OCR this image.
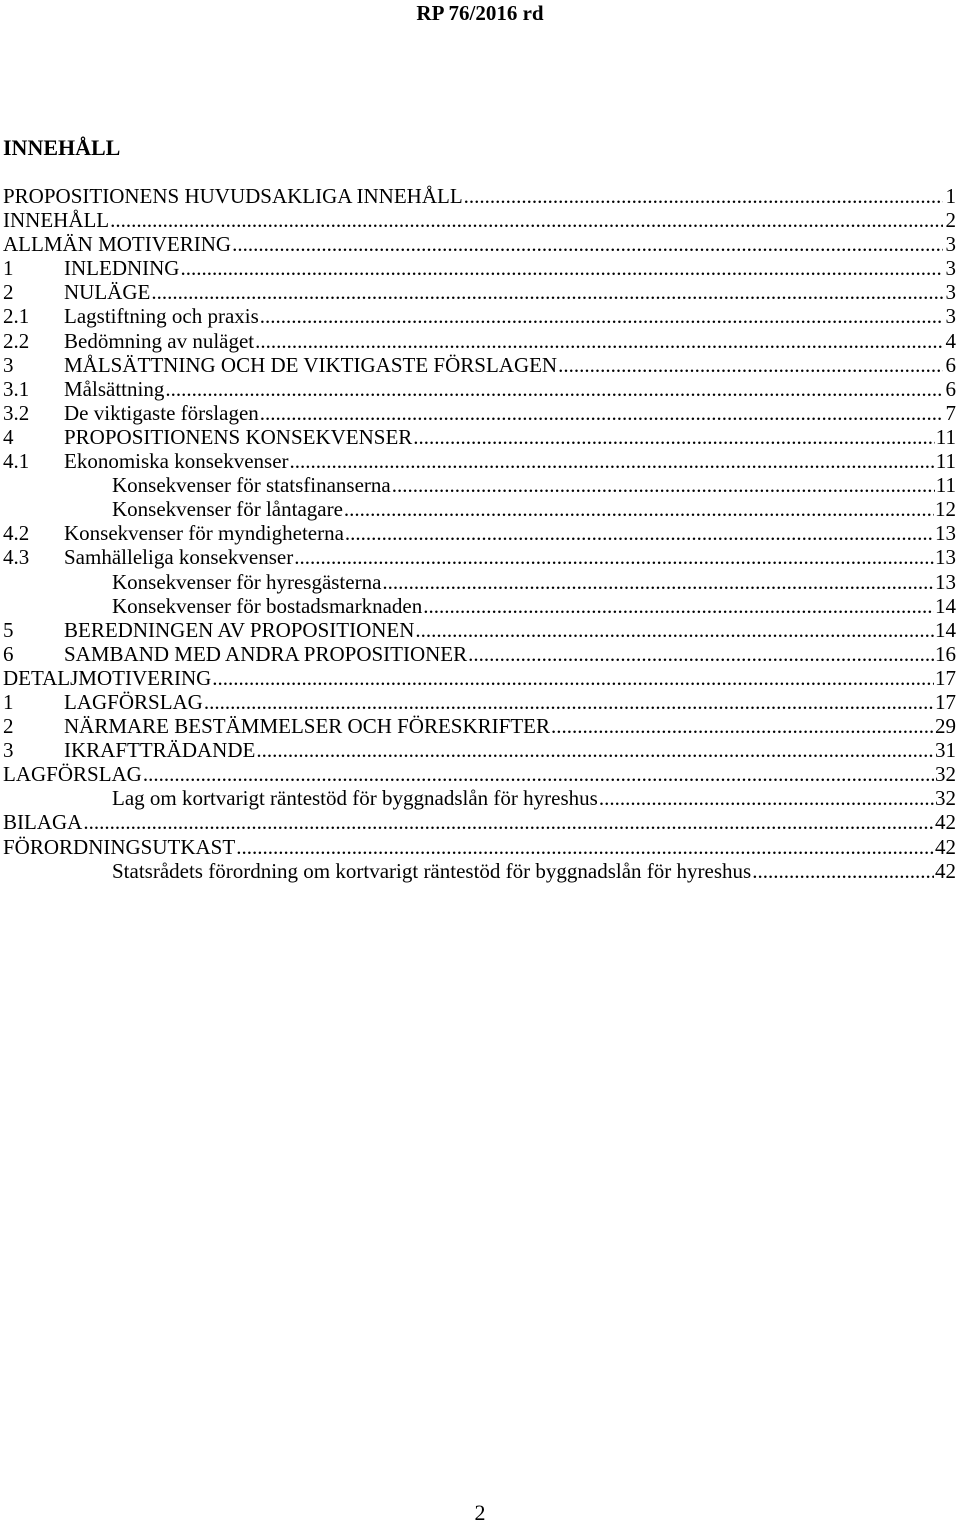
RP 76/2016 rd
INNEHÅLL
PROPOSITIONENS HUVUDSAKLIGA INNEHÅLL .....	1
INNEHÅLL .....	2
ALLMÄN MOTIVERING .....	3
1	INLEDNING .....	3
2	NULÄGE .....	3
2.1	Lagstiftning och praxis .....	3
2.2	Bedömning av nuläget .....	4
3	MÅLSÄTTNING OCH DE VIKTIGASTE FÖRSLAGEN .....	6
3.1	Målsättning .....	6
3.2	De viktigaste förslagen .....	7
4	PROPOSITIONENS KONSEKVENSER .....	11
4.1	Ekonomiska konsekvenser .....	11
Konsekvenser för statsfinanserna .....	11
Konsekvenser för låntagare .....	12
4.2	Konsekvenser för myndigheterna .....	13
4.3	Samhälleliga konsekvenser .....	13
Konsekvenser för hyresgästerna .....	13
Konsekvenser för bostadsmarknaden .....	14
5	BEREDNINGEN AV PROPOSITIONEN .....	14
6	SAMBAND MED ANDRA PROPOSITIONER .....	16
DETALJMOTIVERING .....	17
1	LAGFÖRSLAG .....	17
2	NÄRMARE BESTÄMMELSER OCH FÖRESKRIFTER .....	29
3	IKRAFTTRÄDANDE .....	31
LAGFÖRSLAG .....	32
Lag om kortvarigt räntestöd för byggnadslån för hyreshus .....	32
BILAGA .....	42
FÖRORDNINGSUTKAST .....	42
Statsrådets förordning om kortvarigt räntestöd för byggnadslån för hyreshus .....	42
2
